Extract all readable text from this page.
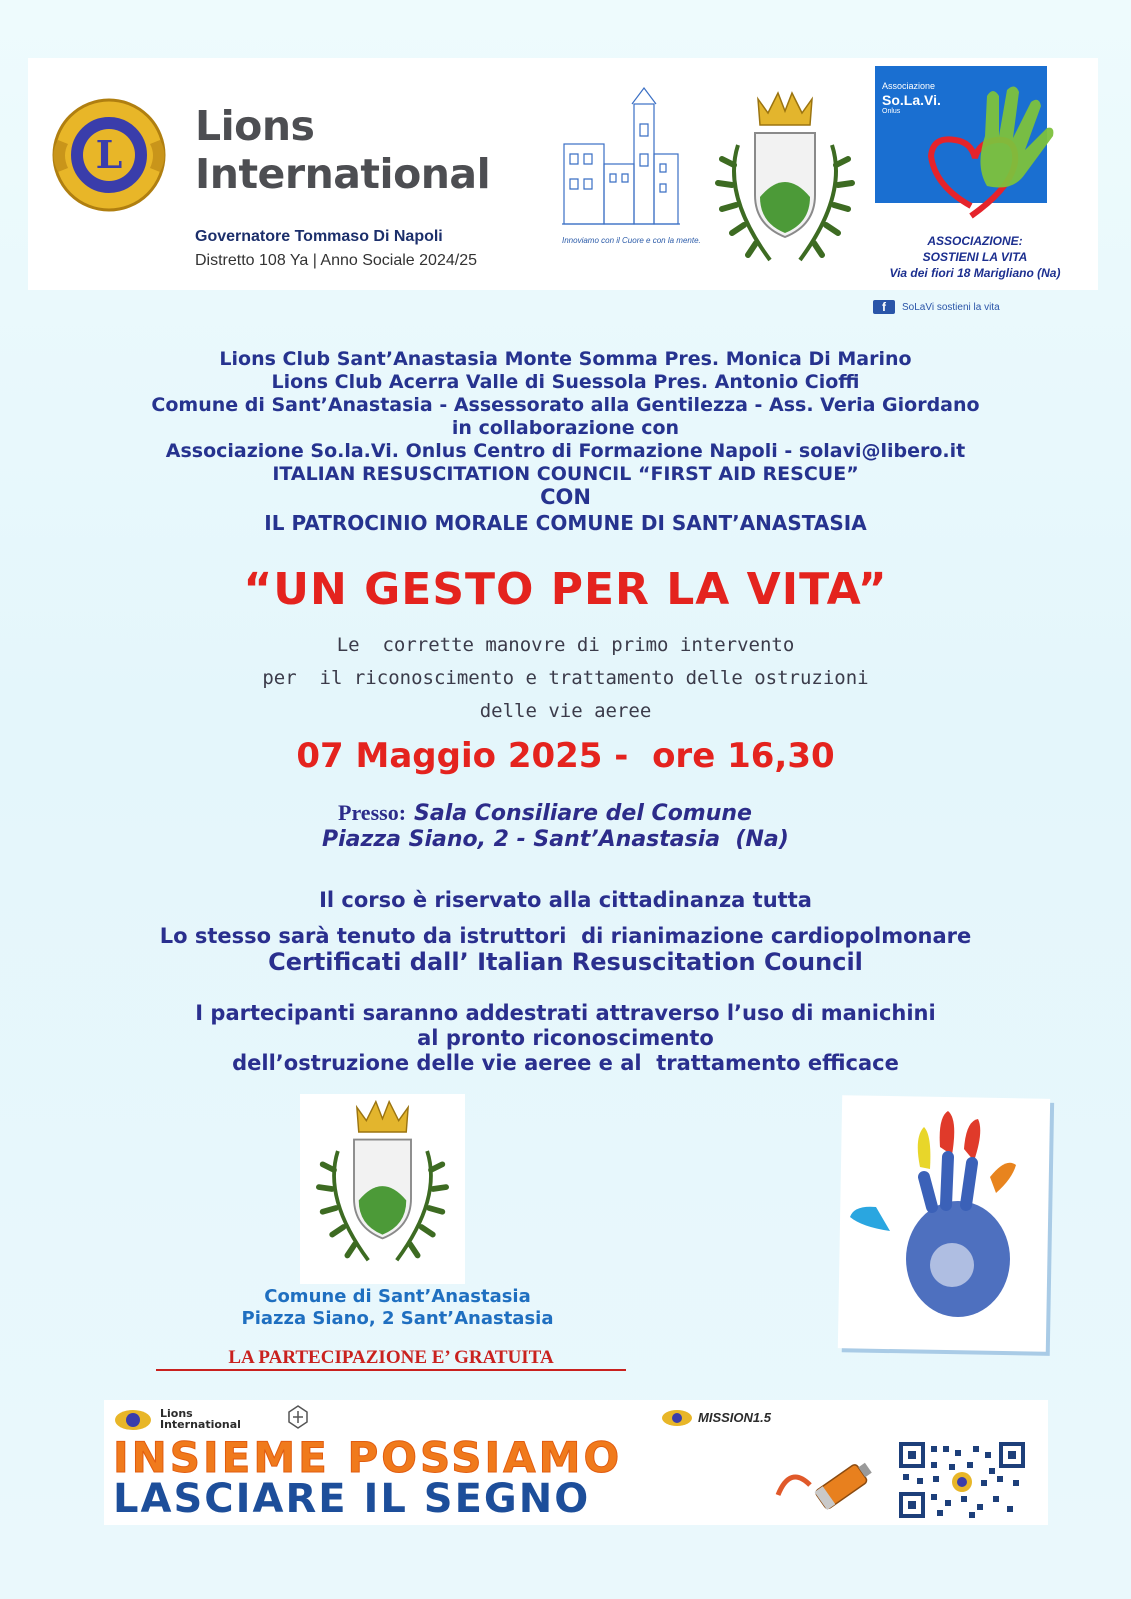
L
Lions
International
Governatore Tommaso Di Napoli
Distretto 108 Ya | Anno Sociale 2024/25
Innoviamo con il Cuore e con la mente.
Associazione
So.La.Vi.
Onlus
ASSOCIAZIONE:
SOSTIENI LA VITA
Via dei fiori 18 Marigliano (Na)
f	SoLaVi sostieni la vita
Lions Club Sant’Anastasia Monte Somma Pres. Monica Di Marino
Lions Club Acerra Valle di Suessola Pres. Antonio Cioffi
Comune di Sant’Anastasia - Assessorato alla Gentilezza - Ass. Veria Giordano
in collaborazione con
Associazione So.la.Vi. Onlus Centro di Formazione Napoli - solavi@libero.it
ITALIAN RESUSCITATION COUNCIL “FIRST AID RESCUE”
CON
IL PATROCINIO MORALE COMUNE DI SANT’ANASTASIA
“UN GESTO PER LA VITA”
Le  corrette manovre di primo intervento
per  il riconoscimento e trattamento delle ostruzioni
delle vie aeree
07 Maggio 2025 -  ore 16,30
Presso: Sala Consiliare del Comune
Piazza Siano, 2 - Sant’Anastasia  (Na)
Il corso è riservato alla cittadinanza tutta
Lo stesso sarà tenuto da istruttori  di rianimazione cardiopolmonare
Certificati dall’ Italian Resuscitation Council
I partecipanti saranno addestrati attraverso l’uso di manichini
al pronto riconoscimento
dell’ostruzione delle vie aeree e al  trattamento efficace
Comune di Sant’Anastasia
Piazza Siano, 2 Sant’Anastasia
LA PARTECIPAZIONE E’ GRATUITA
Lions
International	MISSION1.5
INSIEME POSSIAMO
LASCIARE IL SEGNO
